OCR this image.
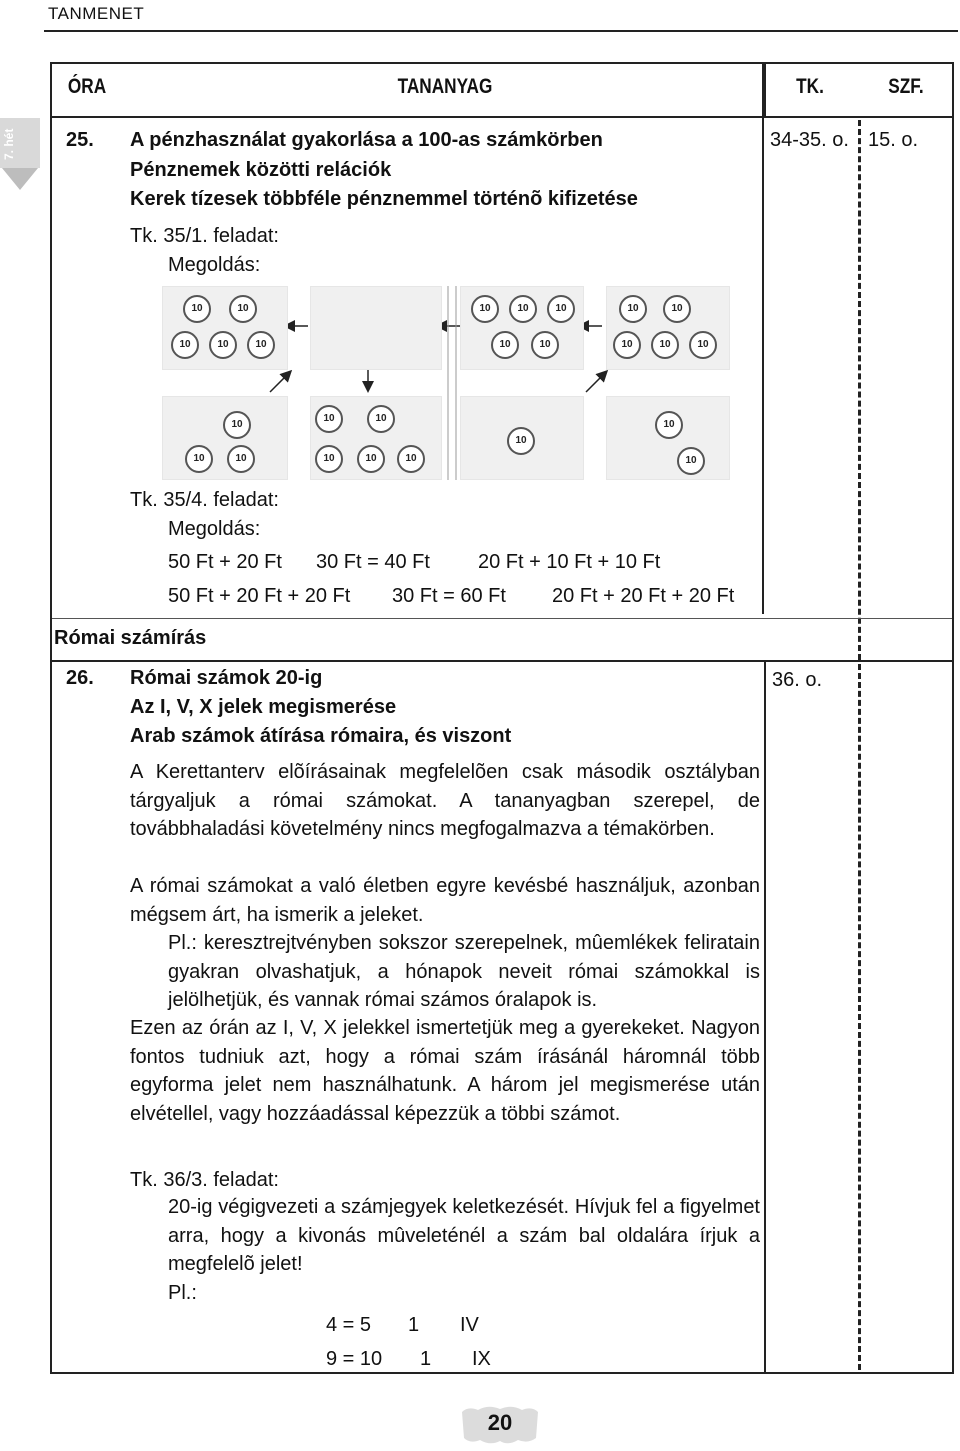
TANMENET
7. hét
ÓRA	TANANYAG	TK.	SZF.
25. A pénzhasználat gyakorlása a 100-as számkörben
Pénznemek közötti relációk
Kerek tízesek többféle pénznemmel történõ kifizetése
Tk. 35/1. feladat:
Megoldás:
34-35. o. 15. o.
10	10
10	10	10
10	10	10
10	10
10	10
10	10	10
10
10	10
10	10
10	10	10
10
10
10
Tk. 35/4. feladat:
Megoldás:
50 Ft + 20 Ft 30 Ft = 40 Ft 20 Ft + 10 Ft + 10 Ft
50 Ft + 20 Ft + 20 Ft 30 Ft = 60 Ft 20 Ft + 20 Ft + 20 Ft
Római számírás
26. Római számok 20-ig
Az I, V, X jelek megismerése
Arab számok átírása rómaira, és viszont
36. o.
A Kerettanterv elõírásainak megfelelõen csak második osztályban tárgyaljuk a római számokat. A tananyagban szerepel, de továbbhaladási követelmény nincs megfogalmazva a témakörben.
A római számokat a való életben egyre kevésbé használjuk, azonban mégsem árt, ha ismerik a jeleket.
Pl.: keresztrejtvényben sokszor szerepelnek, mûemlékek feliratain gyakran olvashatjuk, a hónapok neveit római számokkal is jelölhetjük, és vannak római számos óralapok is.
Ezen az órán az I, V, X jelekkel ismertetjük meg a gyerekeket. Nagyon fontos tudniuk azt, hogy a római szám írásánál háromnál több egyforma jelet nem használhatunk. A három jel megismerése után elvétellel, vagy hozzáadással képezzük a többi számot.
Tk. 36/3. feladat:
20-ig végigvezeti a számjegyek keletkezését. Hívjuk fel a figyelmet arra, hogy a kivonás mûveleténél a szám bal oldalára írjuk a megfelelõ jelet!
Pl.:
4 = 5 1 IV
9 = 10 1 IX
20
